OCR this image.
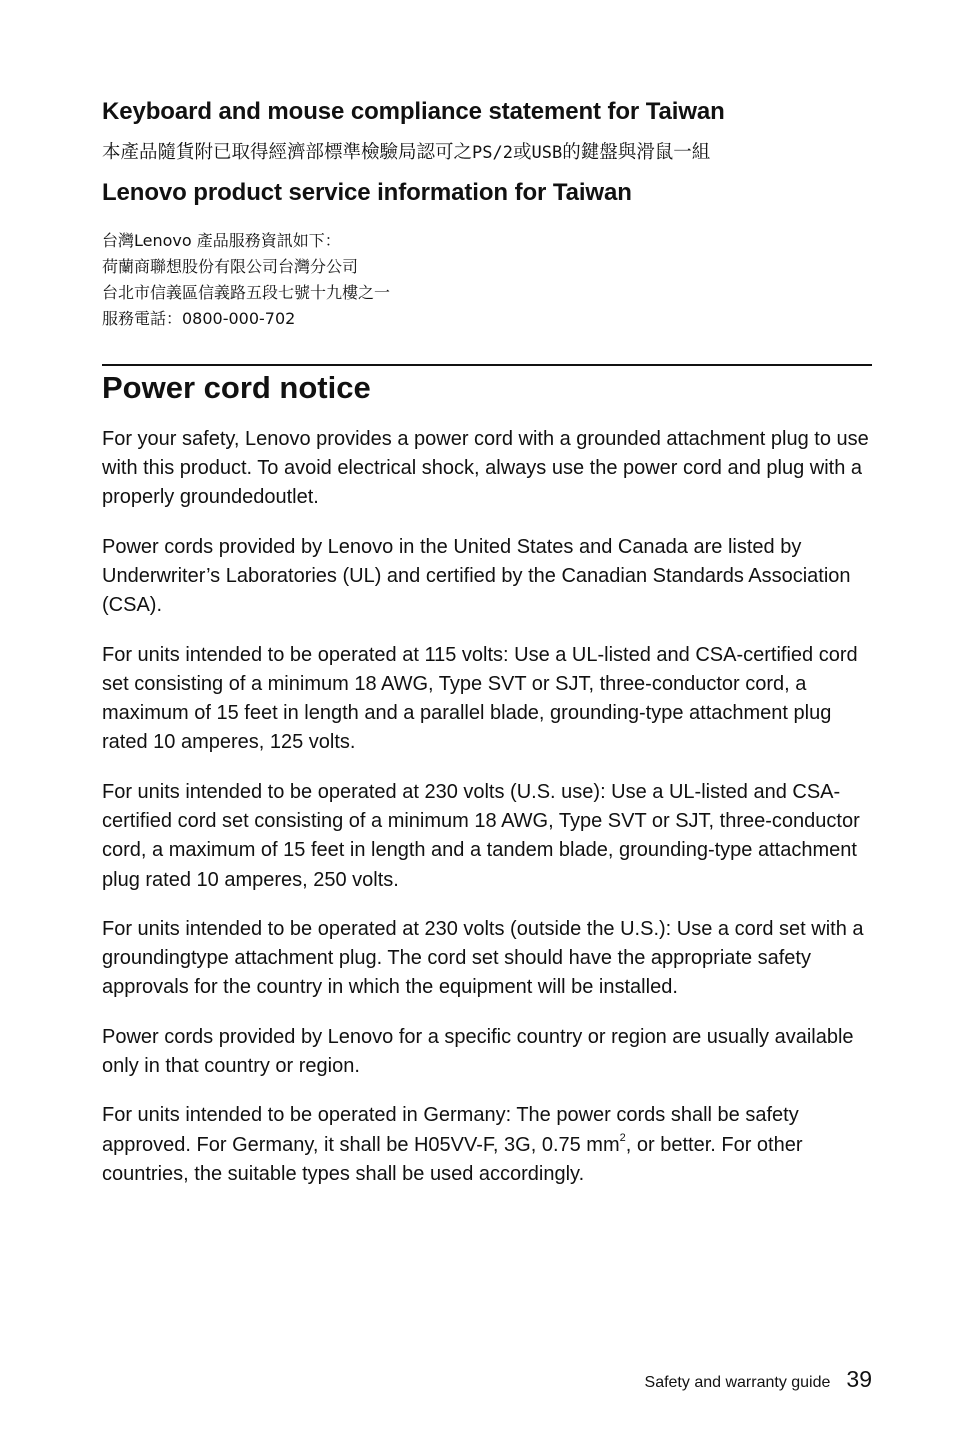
Keyboard and mouse compliance statement for Taiwan
本產品隨貨附已取得經濟部標準檢驗局認可之PS/2或USB的鍵盤與滑鼠一組
Lenovo product service information for Taiwan
台灣Lenovo 產品服務資訊如下：
荷蘭商聯想股份有限公司台灣分公司
台北市信義區信義路五段七號十九樓之一
服務電話：0800-000-702
Power cord notice

For your safety, Lenovo provides a power cord with a grounded attachment plug to use with this product. To avoid electrical shock, always use the power cord and plug with a properly groundedoutlet.

Power cords provided by Lenovo in the United States and Canada are listed by Underwriter’s Laboratories (UL) and certified by the Canadian Standards Association (CSA).

For units intended to be operated at 115 volts: Use a UL-listed and CSA-certified cord set consisting of a minimum 18 AWG, Type SVT or SJT, three-conductor cord, a maximum of 15 feet in length and a parallel blade, grounding-type attachment plug rated 10 amperes, 125 volts.

For units intended to be operated at 230 volts (U.S. use): Use a UL-listed and CSA-certified cord set consisting of a minimum 18 AWG, Type SVT or SJT, three-conductor cord, a maximum of 15 feet in length and a tandem blade, grounding-type attachment plug rated 10 amperes, 250 volts.

For units intended to be operated at 230 volts (outside the U.S.): Use a cord set with a groundingtype attachment plug. The cord set should have the appropriate safety approvals for the country in which the equipment will be installed.

Power cords provided by Lenovo for a specific country or region are usually available only in that country or region.

For units intended to be operated in Germany: The power cords shall be safety approved. For Germany, it shall be H05VV-F, 3G, 0.75 $mm^2$, or better. For other countries, the suitable types shall be used accordingly.

Safety and warranty guide 39
